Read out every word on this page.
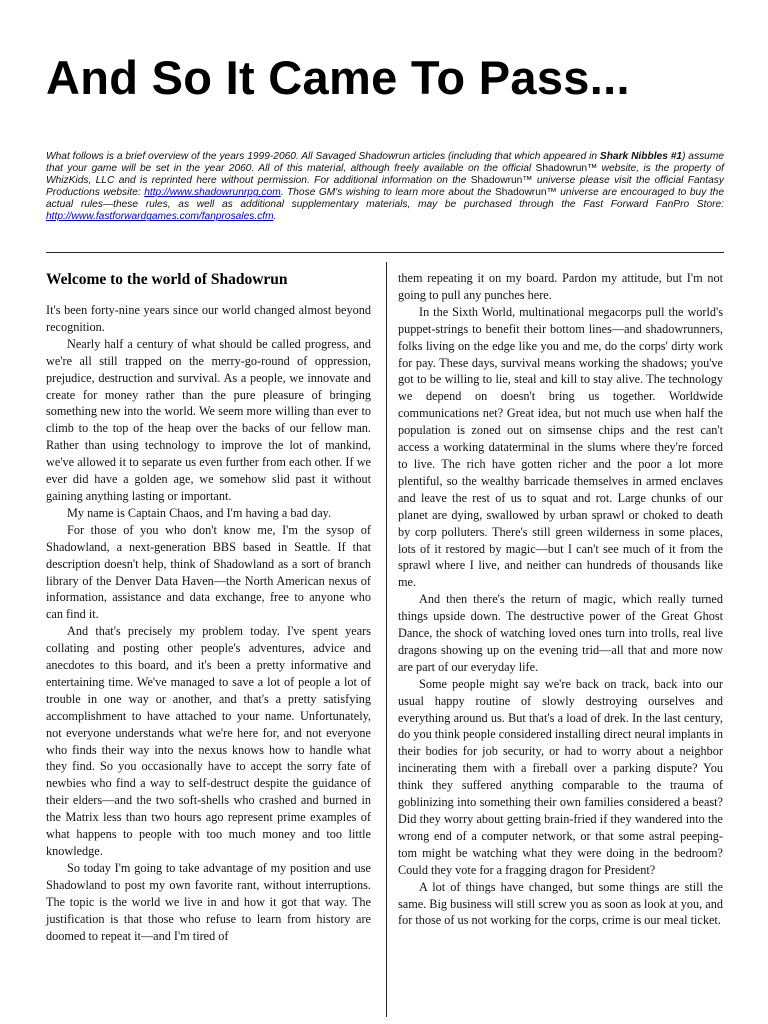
And So It Came To Pass...

What follows is a brief overview of the years 1999-2060. All Savaged Shadowrun articles (including that which appeared in Shark Nibbles #1) assume that your game will be set in the year 2060. All of this material, although freely available on the official Shadowrun™ website, is the property of WhizKids, LLC and is reprinted here without permission. For additional information on the Shadowrun™ universe please visit the official Fantasy Productions website: http://www.shadowrunrpg.com. Those GM's wishing to learn more about the Shadowrun™ universe are encouraged to buy the actual rules—these rules, as well as additional supplementary materials, may be purchased through the Fast Forward FanPro Store: http://www.fastforwardgames.com/fanprosales.cfm.

Welcome to the world of Shadowrun

It's been forty-nine years since our world changed almost beyond recognition.

Nearly half a century of what should be called progress, and we're all still trapped on the merry-go-round of oppression, prejudice, destruction and survival. As a people, we innovate and create for money rather than the pure pleasure of bringing something new into the world. We seem more willing than ever to climb to the top of the heap over the backs of our fellow man. Rather than using technology to improve the lot of mankind, we've allowed it to separate us even further from each other. If we ever did have a golden age, we somehow slid past it without gaining anything lasting or important.

My name is Captain Chaos, and I'm having a bad day.

For those of you who don't know me, I'm the sysop of Shadowland, a next-generation BBS based in Seattle. If that description doesn't help, think of Shadowland as a sort of branch library of the Denver Data Haven—the North American nexus of information, assistance and data exchange, free to anyone who can find it.

And that's precisely my problem today. I've spent years collating and posting other people's adventures, advice and anecdotes to this board, and it's been a pretty informative and entertaining time. We've managed to save a lot of people a lot of trouble in one way or another, and that's a pretty satisfying accomplishment to have attached to your name. Unfortunately, not everyone understands what we're here for, and not everyone who finds their way into the nexus knows how to handle what they find. So you occasionally have to accept the sorry fate of newbies who find a way to self-destruct despite the guidance of their elders—and the two soft-shells who crashed and burned in the Matrix less than two hours ago represent prime examples of what happens to people with too much money and too little knowledge.

So today I'm going to take advantage of my position and use Shadowland to post my own favorite rant, without interruptions. The topic is the world we live in and how it got that way. The justification is that those who refuse to learn from history are doomed to repeat it—and I'm tired of

them repeating it on my board. Pardon my attitude, but I'm not going to pull any punches here.

In the Sixth World, multinational megacorps pull the world's puppet-strings to benefit their bottom lines—and shadowrunners, folks living on the edge like you and me, do the corps' dirty work for pay. These days, survival means working the shadows; you've got to be willing to lie, steal and kill to stay alive. The technology we depend on doesn't bring us together. Worldwide communications net? Great idea, but not much use when half the population is zoned out on simsense chips and the rest can't access a working dataterminal in the slums where they're forced to live. The rich have gotten richer and the poor a lot more plentiful, so the wealthy barricade themselves in armed enclaves and leave the rest of us to squat and rot. Large chunks of our planet are dying, swallowed by urban sprawl or choked to death by corp polluters. There's still green wilderness in some places, lots of it restored by magic—but I can't see much of it from the sprawl where I live, and neither can hundreds of thousands like me.

And then there's the return of magic, which really turned things upside down. The destructive power of the Great Ghost Dance, the shock of watching loved ones turn into trolls, real live dragons showing up on the evening trid—all that and more now are part of our everyday life.

Some people might say we're back on track, back into our usual happy routine of slowly destroying ourselves and everything around us. But that's a load of drek. In the last century, do you think people considered installing direct neural implants in their bodies for job security, or had to worry about a neighbor incinerating them with a fireball over a parking dispute? You think they suffered anything comparable to the trauma of goblinizing into something their own families considered a beast? Did they worry about getting brain-fried if they wandered into the wrong end of a computer network, or that some astral peeping-tom might be watching what they were doing in the bedroom? Could they vote for a fragging dragon for President?

A lot of things have changed, but some things are still the same. Big business will still screw you as soon as look at you, and for those of us not working for the corps, crime is our meal ticket.
